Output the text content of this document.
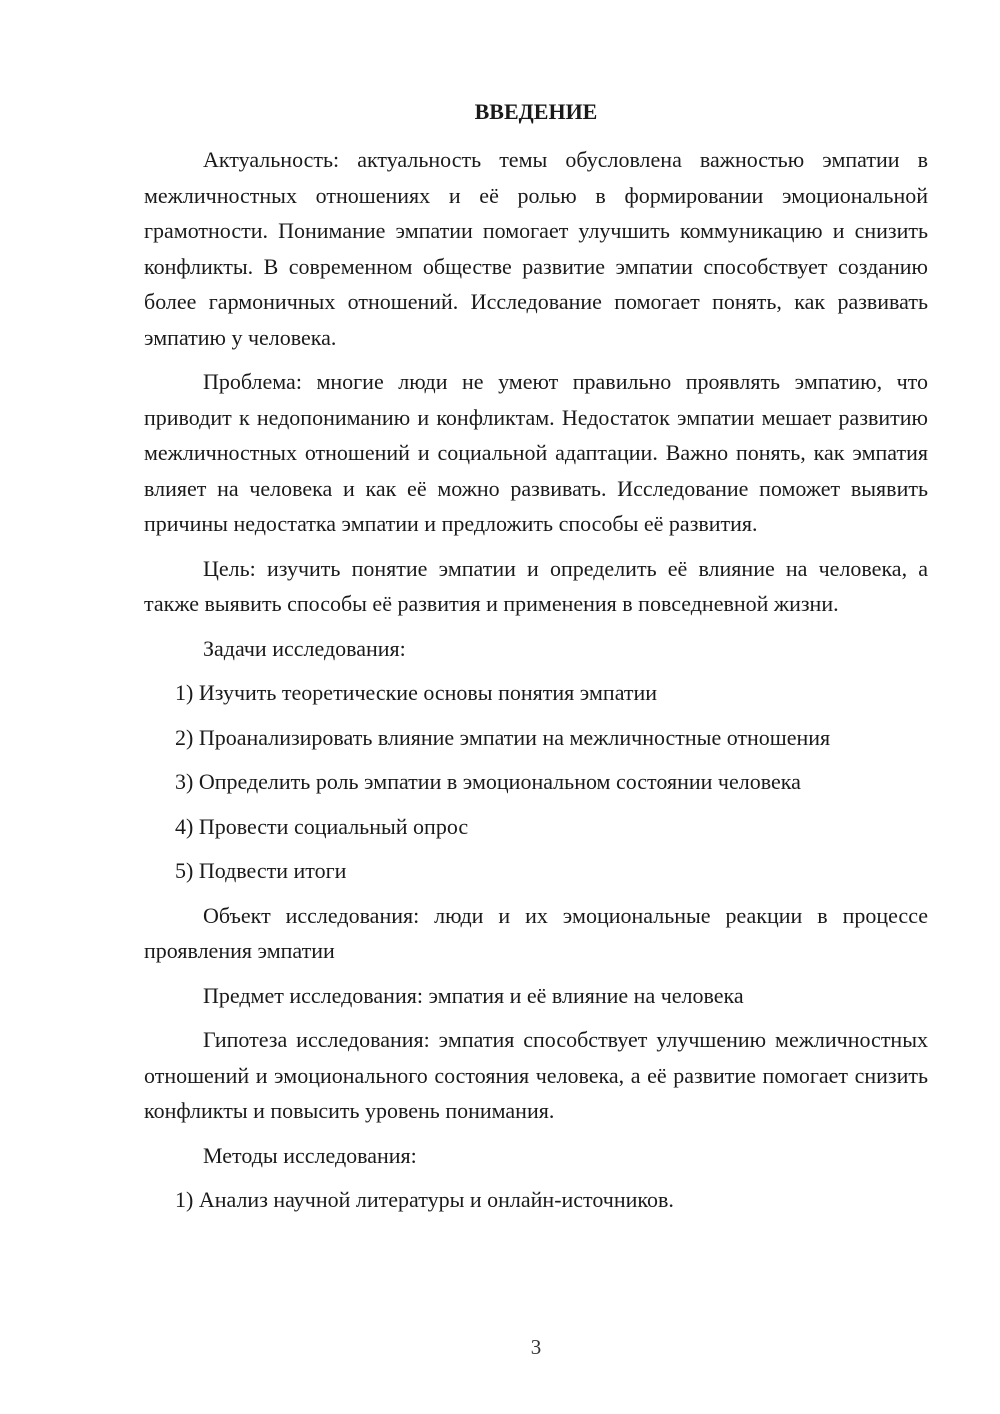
ВВЕДЕНИЕ

Актуальность: актуальность темы обусловлена важностью эмпатии в межличностных отношениях и её ролью в формировании эмоциональной грамотности. Понимание эмпатии помогает улучшить коммуникацию и снизить конфликты. В современном обществе развитие эмпатии способствует созданию более гармоничных отношений. Исследование помогает понять, как развивать эмпатию у человека.

Проблема: многие люди не умеют правильно проявлять эмпатию, что приводит к недопониманию и конфликтам. Недостаток эмпатии мешает развитию межличностных отношений и социальной адаптации. Важно понять, как эмпатия влияет на человека и как её можно развивать. Исследование поможет выявить причины недостатка эмпатии и предложить способы её развития.

Цель: изучить понятие эмпатии и определить её влияние на человека, а также выявить способы её развития и применения в повседневной жизни.

Задачи исследования:

1) Изучить теоретические основы понятия эмпатии

2) Проанализировать влияние эмпатии на межличностные отношения

3) Определить роль эмпатии в эмоциональном состоянии человека

4) Провести социальный опрос

5) Подвести итоги

Объект исследования: люди и их эмоциональные реакции в процессе проявления эмпатии

Предмет исследования: эмпатия и её влияние на человека

Гипотеза исследования: эмпатия способствует улучшению межличностных отношений и эмоционального состояния человека, а её развитие помогает снизить конфликты и повысить уровень понимания.

Методы исследования:

1) Анализ научной литературы и онлайн-источников.

3
